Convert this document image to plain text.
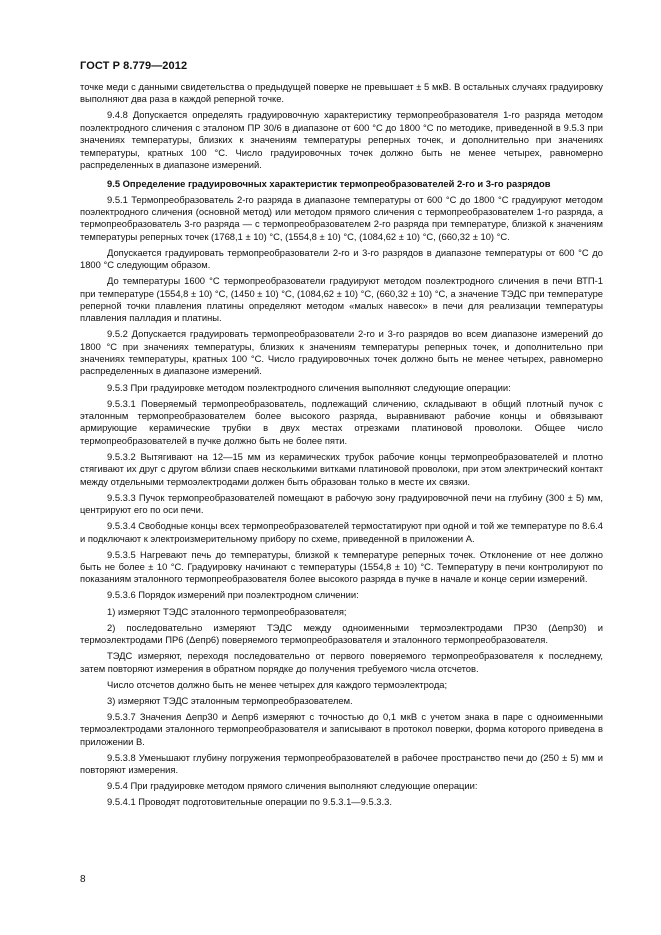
ГОСТ Р 8.779—2012

точке меди с данными свидетельства о предыдущей поверке не превышает ± 5 мкВ. В остальных случаях градуировку выполняют два раза в каждой реперной точке.

9.4.8 Допускается определять градуировочную характеристику термопреобразователя 1-го разряда методом поэлектродного сличения с эталоном ПР 30/6 в диапазоне от 600 °С до 1800 °С по методике, приведенной в 9.5.3 при значениях температуры, близких к значениям температуры реперных точек, и дополнительно при значениях температуры, кратных 100 °С. Число градуировочных точек должно быть не менее четырех, равномерно распределенных в диапазоне измерений.

9.5 Определение градуировочных характеристик термопреобразователей 2-го и 3-го разрядов

9.5.1 Термопреобразователь 2-го разряда в диапазоне температуры от 600 °С до 1800 °С градуируют методом поэлектродного сличения (основной метод) или методом прямого сличения с термопреобразователем 1-го разряда, а термопреобразователь 3-го разряда — с термопреобразователем 2-го разряда при температуре, близкой к значениям температуры реперных точек (1768,1 ± 10) °С, (1554,8 ± 10) °С, (1084,62 ± 10) °С, (660,32 ± 10) °С.

Допускается градуировать термопреобразователи 2-го и 3-го разрядов в диапазоне температуры от 600 °С до 1800 °С следующим образом.

До температуры 1600 °С термопреобразователи градуируют методом поэлектродного сличения в печи ВТП-1 при температуре (1554,8 ± 10) °С, (1450 ± 10) °С, (1084,62 ± 10) °С, (660,32 ± 10) °С, а значение ТЭДС при температуре реперной точки плавления платины определяют методом «малых навесок» в печи для реализации температуры плавления палладия и платины.

9.5.2 Допускается градуировать термопреобразователи 2-го и 3-го разрядов во всем диапазоне измерений до 1800 °С при значениях температуры, близких к значениям температуры реперных точек, и дополнительно при значениях температуры, кратных 100 °С. Число градуировочных точек должно быть не менее четырех, равномерно распределенных в диапазоне измерений.

9.5.3 При градуировке методом поэлектродного сличения выполняют следующие операции:

9.5.3.1 Поверяемый термопреобразователь, подлежащий сличению, складывают в общий плотный пучок с эталонным термопреобразователем более высокого разряда, выравнивают рабочие концы и обвязывают армирующие керамические трубки в двух местах отрезками платиновой проволоки. Общее число термопреобразователей в пучке должно быть не более пяти.

9.5.3.2 Вытягивают на 12—15 мм из керамических трубок рабочие концы термопреобразователей и плотно стягивают их друг с другом вблизи спаев несколькими витками платиновой проволоки, при этом электрический контакт между отдельными термоэлектродами должен быть образован только в месте их связки.

9.5.3.3 Пучок термопреобразователей помещают в рабочую зону градуировочной печи на глубину (300 ± 5) мм, центрируют его по оси печи.

9.5.3.4 Свободные концы всех термопреобразователей термостатируют при одной и той же температуре по 8.6.4 и подключают к электроизмерительному прибору по схеме, приведенной в приложении А.

9.5.3.5 Нагревают печь до температуры, близкой к температуре реперных точек. Отклонение от нее должно быть не более ± 10 °С. Градуировку начинают с температуры (1554,8 ± 10) °С. Температуру в печи контролируют по показаниям эталонного термопреобразователя более высокого разряда в пучке в начале и конце серии измерений.

9.5.3.6 Порядок измерений при поэлектродном сличении:

1) измеряют ТЭДС эталонного термопреобразователя;

2) последовательно измеряют ТЭДС между одноименными термоэлектродами ПР30 (Δeпр30) и термоэлектродами ПР6 (Δeпр6) поверяемого термопреобразователя и эталонного термопреобразователя.

ТЭДС измеряют, переходя последовательно от первого поверяемого термопреобразователя к последнему, затем повторяют измерения в обратном порядке до получения требуемого числа отсчетов.

Число отсчетов должно быть не менее четырех для каждого термоэлектрода;

3) измеряют ТЭДС эталонным термопреобразователем.

9.5.3.7 Значения Δeпр30 и Δeпр6 измеряют с точностью до 0,1 мкВ с учетом знака в паре с одноименными термоэлектродами эталонного термопреобразователя и записывают в протокол поверки, форма которого приведена в приложении В.

9.5.3.8 Уменьшают глубину погружения термопреобразователей в рабочее пространство печи до (250 ± 5) мм и повторяют измерения.

9.5.4 При градуировке методом прямого сличения выполняют следующие операции:

9.5.4.1 Проводят подготовительные операции по 9.5.3.1—9.5.3.3.

8
